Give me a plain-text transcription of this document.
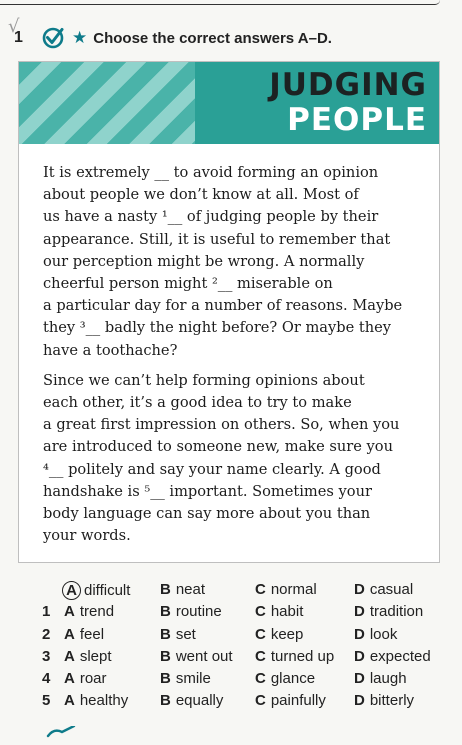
√
1	★ Choose the correct answers A–D.
JUDGING
PEOPLE

It is extremely __ to avoid forming an opinion
about people we don’t know at all. Most of
us have a nasty ¹__ of judging people by their
appearance. Still, it is useful to remember that
our perception might be wrong. A normally
cheerful person might ²__ miserable on
a particular day for a number of reasons. Maybe
they ³__ badly the night before? Or maybe they
have a toothache?

Since we can’t help forming opinions about
each other, it’s a good idea to try to make
a great first impression on others. So, when you
are introduced to someone new, make sure you
⁴__ politely and say your name clearly. A good
handshake is ⁵__ important. Sometimes your
body language can say more about you than
your words.

A difficult B neat	C normal D casual
1 A trend	B routine C habit	D tradition
2 A feel	B set	C keep	D look
3 A slept	B went out C turned up D expected
4 A roar	B smile	C glance	D laugh
5 A healthy B equally C painfully D bitterly
